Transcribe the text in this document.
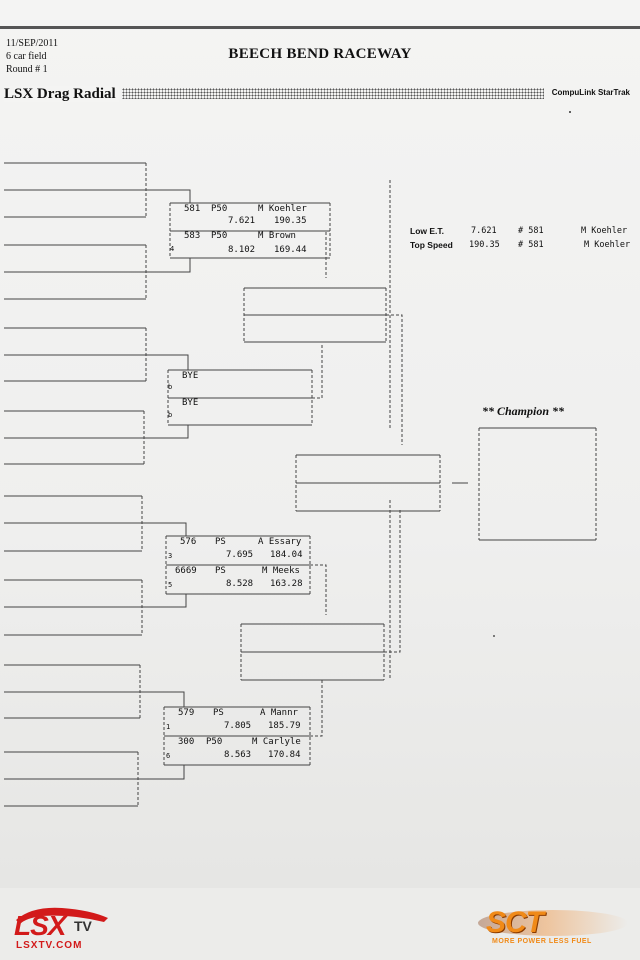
11/SEP/2011
6 car field
Round # 1
BEECH BEND RACEWAY
LSX Drag Radial	CompuLink StarTrak
581 P50	M Koehler
7.621 190.35
583 P50	M Brown
8.102 169.44
4
BYE
b
BYE
b
576 PS	A Essary
7.695 184.04
3
6669 PS	M Meeks
8.528 163.28
5
579 PS	A Mannr
7.805 185.79
1
300 P50	M Carlyle
8.563 170.84
6
Low E.T.	7.621	# 581	M Koehler
Top Speed 190.35 # 581	M Koehler
** Champion **
LSX TV
LSXTV.COM
SCT
MORE POWER LESS FUEL
